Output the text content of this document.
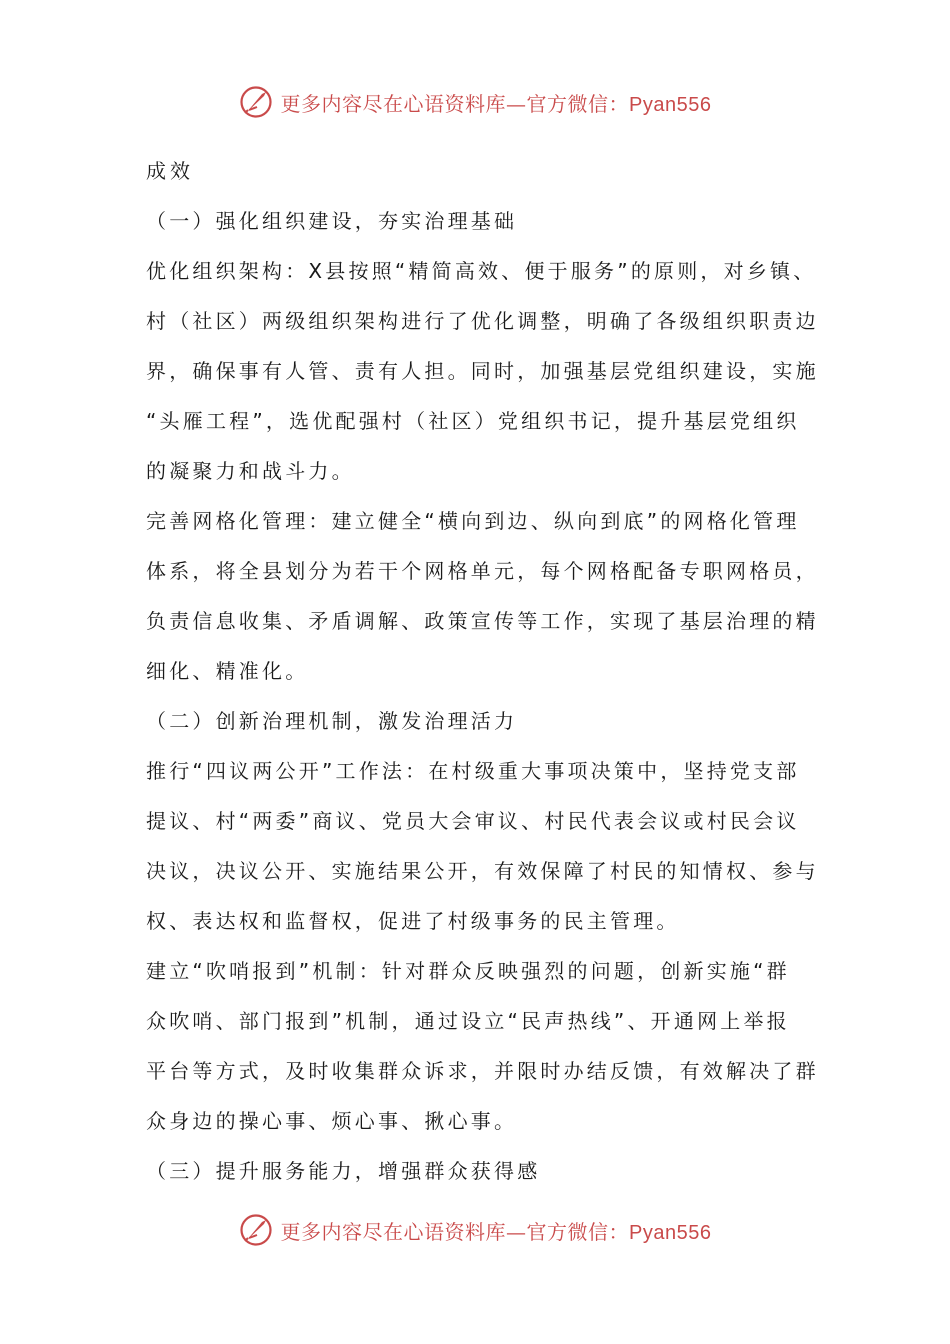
更多内容尽在心语资料库—官方微信：Pyan556
成效
（一）强化组织建设，夯实治理基础
优化组织架构：X县按照“精简高效、便于服务”的原则，对乡镇、
村（社区）两级组织架构进行了优化调整，明确了各级组织职责边
界，确保事有人管、责有人担。同时，加强基层党组织建设，实施
“头雁工程”，选优配强村（社区）党组织书记，提升基层党组织
的凝聚力和战斗力。
完善网格化管理：建立健全“横向到边、纵向到底”的网格化管理
体系，将全县划分为若干个网格单元，每个网格配备专职网格员，
负责信息收集、矛盾调解、政策宣传等工作，实现了基层治理的精
细化、精准化。
（二）创新治理机制，激发治理活力
推行“四议两公开”工作法：在村级重大事项决策中，坚持党支部
提议、村“两委”商议、党员大会审议、村民代表会议或村民会议
决议，决议公开、实施结果公开，有效保障了村民的知情权、参与
权、表达权和监督权，促进了村级事务的民主管理。
建立“吹哨报到”机制：针对群众反映强烈的问题，创新实施“群
众吹哨、部门报到”机制，通过设立“民声热线”、开通网上举报
平台等方式，及时收集群众诉求，并限时办结反馈，有效解决了群
众身边的操心事、烦心事、揪心事。
（三）提升服务能力，增强群众获得感
更多内容尽在心语资料库—官方微信：Pyan556
